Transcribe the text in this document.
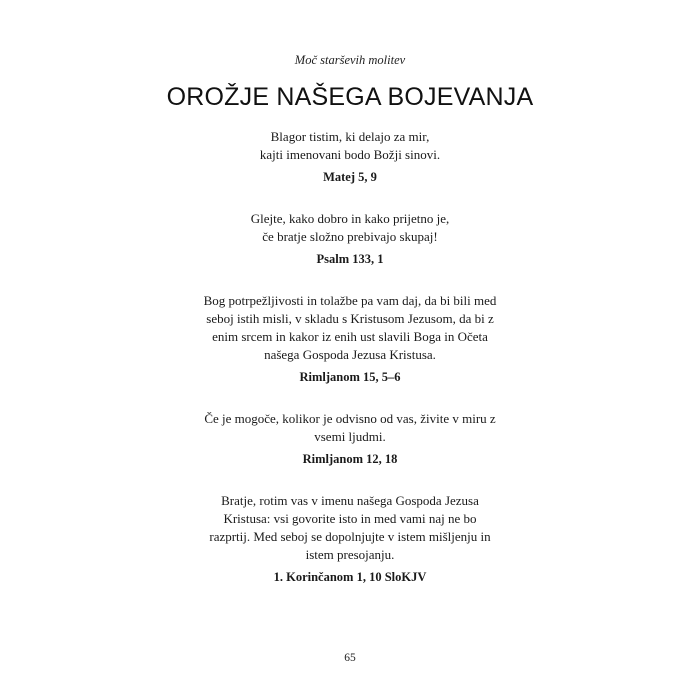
Moč starševih molitev
OROŽJE NAŠEGA BOJEVANJA

Blagor tistim, ki delajo za mir,
kajti imenovani bodo Božji sinovi.

Matej 5, 9

Glejte, kako dobro in kako prijetno je,
če bratje složno prebivajo skupaj!

Psalm 133, 1

Bog potrpežljivosti in tolažbe pa vam daj, da bi bili med
seboj istih misli, v skladu s Kristusom Jezusom, da bi z
enim srcem in kakor iz enih ust slavili Boga in Očeta
našega Gospoda Jezusa Kristusa.

Rimljanom 15, 5–6

Če je mogoče, kolikor je odvisno od vas, živite v miru z
vsemi ljudmi.

Rimljanom 12, 18

Bratje, rotim vas v imenu našega Gospoda Jezusa
Kristusa: vsi govorite isto in med vami naj ne bo
razprtij. Med seboj se dopolnjujte v istem mišljenju in
istem presojanju.

1. Korinčanom 1, 10 SloKJV

65
